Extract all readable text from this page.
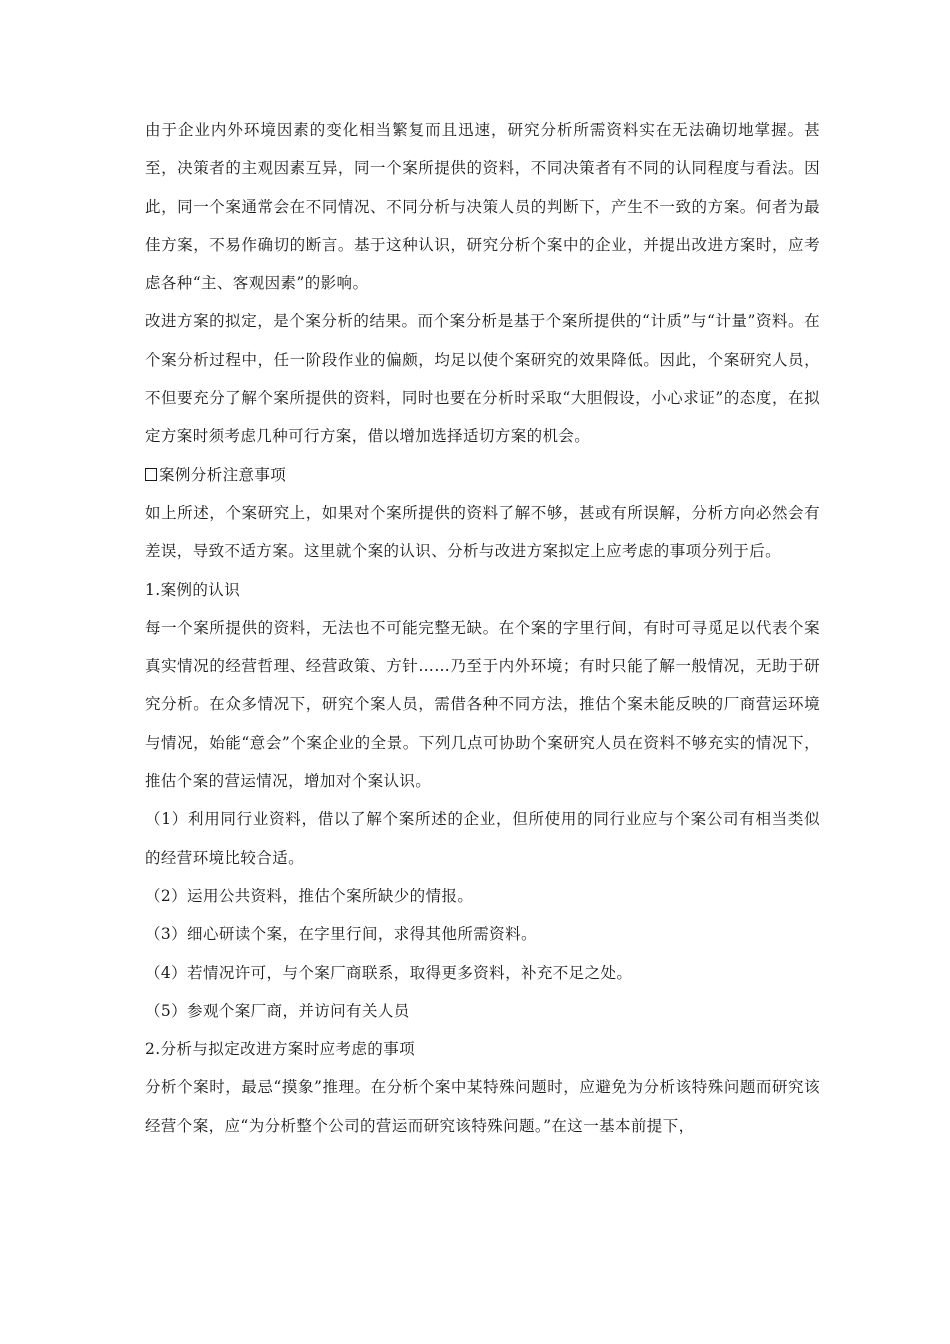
由于企业内外环境因素的变化相当繁复而且迅速，研究分析所需资料实在无法确切地掌握。甚至，决策者的主观因素互异，同一个案所提供的资料，不同决策者有不同的认同程度与看法。因此，同一个案通常会在不同情况、不同分析与决策人员的判断下，产生不一致的方案。何者为最佳方案，不易作确切的断言。基于这种认识，研究分析个案中的企业，并提出改进方案时，应考虑各种“主、客观因素”的影响。

改进方案的拟定，是个案分析的结果。而个案分析是基于个案所提供的“计质”与“计量”资料。在个案分析过程中，任一阶段作业的偏颇，均足以使个案研究的效果降低。因此，个案研究人员，不但要充分了解个案所提供的资料，同时也要在分析时采取“大胆假设，小心求证”的态度，在拟定方案时须考虑几种可行方案，借以增加选择适切方案的机会。

案例分析注意事项

如上所述，个案研究上，如果对个案所提供的资料了解不够，甚或有所误解，分析方向必然会有差误，导致不适方案。这里就个案的认识、分析与改进方案拟定上应考虑的事项分列于后。

1.案例的认识

每一个案所提供的资料，无法也不可能完整无缺。在个案的字里行间，有时可寻觅足以代表个案真实情况的经营哲理、经营政策、方针……乃至于内外环境；有时只能了解一般情况，无助于研究分析。在众多情况下，研究个案人员，需借各种不同方法，推估个案未能反映的厂商营运环境与情况，始能“意会”个案企业的全景。下列几点可协助个案研究人员在资料不够充实的情况下，推估个案的营运情况，增加对个案认识。

（1）利用同行业资料，借以了解个案所述的企业，但所使用的同行业应与个案公司有相当类似的经营环境比较合适。

（2）运用公共资料，推估个案所缺少的情报。

（3）细心研读个案，在字里行间，求得其他所需资料。

（4）若情况许可，与个案厂商联系，取得更多资料，补充不足之处。

（5）参观个案厂商，并访问有关人员

2.分析与拟定改进方案时应考虑的事项

分析个案时，最忌“摸象”推理。在分析个案中某特殊问题时，应避免为分析该特殊问题而研究该经营个案，应“为分析整个公司的营运而研究该特殊问题。”在这一基本前提下，
